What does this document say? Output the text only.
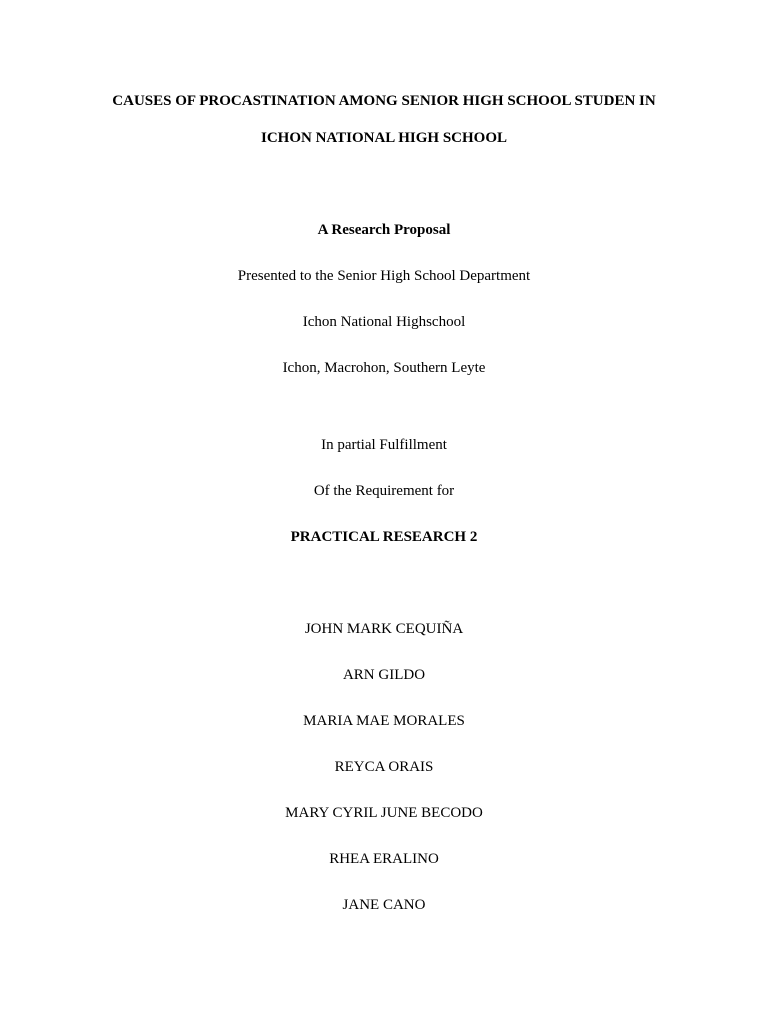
CAUSES OF PROCASTINATION AMONG SENIOR HIGH SCHOOL STUDEN IN
ICHON NATIONAL HIGH SCHOOL
A Research Proposal
Presented to the Senior High School Department
Ichon National Highschool
Ichon, Macrohon, Southern Leyte
In partial Fulfillment
Of the Requirement for
PRACTICAL RESEARCH 2
JOHN MARK CEQUIÑA
ARN GILDO
MARIA MAE MORALES
REYCA ORAIS
MARY CYRIL JUNE BECODO
RHEA ERALINO
JANE CANO
